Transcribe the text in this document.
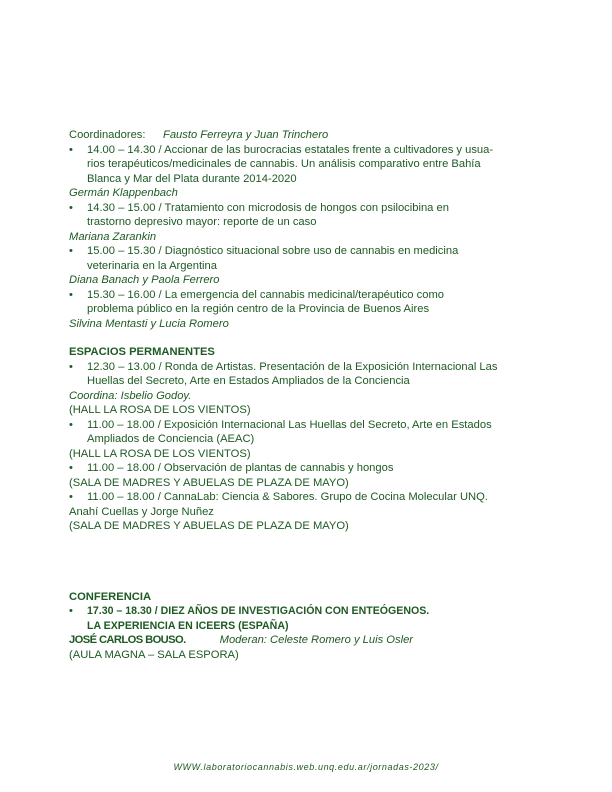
Coordinadores: Fausto Ferreyra y Juan Trinchero
• 14.00 – 14.30 / Accionar de las burocracias estatales frente a cultivadores y usua-
rios terapéuticos/medicinales de cannabis. Un análisis comparativo entre Bahía
Blanca y Mar del Plata durante 2014-2020
Germán Klappenbach
• 14.30 – 15.00 / Tratamiento con microdosis de hongos con psilocibina en
trastorno depresivo mayor: reporte de un caso
Mariana Zarankin
• 15.00 – 15.30 / Diagnóstico situacional sobre uso de cannabis en medicina
veterinaria en la Argentina
Diana Banach y Paola Ferrero
• 15.30 – 16.00 / La emergencia del cannabis medicinal/terapéutico como
problema público en la región centro de la Provincia de Buenos Aires
Silvina Mentasti y Lucia Romero
ESPACIOS PERMANENTES
• 12.30 – 13.00 / Ronda de Artistas. Presentación de la Exposición Internacional Las
Huellas del Secreto, Arte en Estados Ampliados de la Conciencia
Coordina: Isbelio Godoy.
(HALL LA ROSA DE LOS VIENTOS)
• 11.00 – 18.00 / Exposición Internacional Las Huellas del Secreto, Arte en Estados
Ampliados de Conciencia (AEAC)
(HALL LA ROSA DE LOS VIENTOS)
• 11.00 – 18.00 / Observación de plantas de cannabis y hongos
(SALA DE MADRES Y ABUELAS DE PLAZA DE MAYO)
• 11.00 – 18.00 / CannaLab: Ciencia & Sabores. Grupo de Cocina Molecular UNQ.
Anahí Cuellas y Jorge Nuñez
(SALA DE MADRES Y ABUELAS DE PLAZA DE MAYO)
CONFERENCIA
• 17.30 – 18.30 / DIEZ AÑOS DE INVESTIGACIÓN CON ENTEÓGENOS.
LA EXPERIENCIA EN ICEERS (ESPAÑA)
JOSÉ CARLOS BOUSO.	Moderan: Celeste Romero y Luis Osler
(AULA MAGNA – SALA ESPORA)
WWW.laboratoriocannabis.web.unq.edu.ar/jornadas-2023/
